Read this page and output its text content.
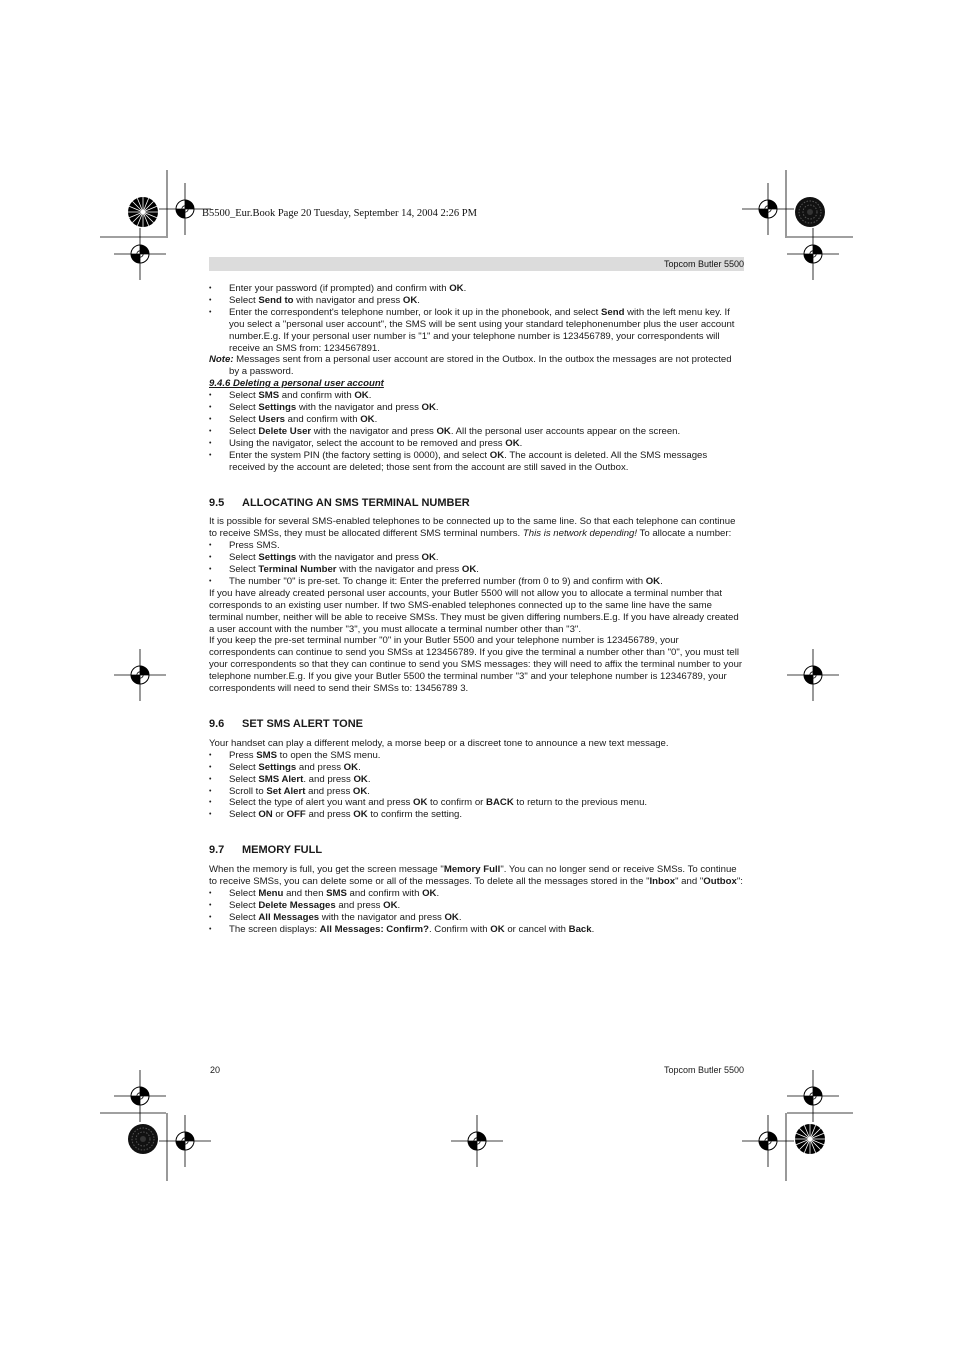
B5500_Eur.Book Page 20 Tuesday, September 14, 2004 2:26 PM
Topcom Butler 5500
• Enter your password (if prompted) and confirm with OK.
• Select Send to with navigator and press OK.
• Enter the correspondent's telephone number, or look it up in the phonebook, and select Send with the left menu key. If you select a "personal user account", the SMS will be sent using your standard telephonenumber plus the user account number.E.g. If your personal user number is "1" and your telephone number is 123456789, your correspondents will receive an SMS from: 1234567891.

Note: Messages sent from a personal user account are stored in the Outbox. In the outbox the messages are not protected by a password.

9.4.6 Deleting a personal user account

• Select SMS and confirm with OK.
• Select Settings with the navigator and press OK.
• Select Users and confirm with OK.
• Select Delete User with the navigator and press OK. All the personal user accounts appear on the screen.
• Using the navigator, select the account to be removed and press OK.
• Enter the system PIN (the factory setting is 0000), and select OK. The account is deleted. All the SMS messages received by the account are deleted; those sent from the account are still saved in the Outbox.
9.5 ALLOCATING AN SMS TERMINAL NUMBER

It is possible for several SMS-enabled telephones to be connected up to the same line. So that each telephone can continue to receive SMSs, they must be allocated different SMS terminal numbers. This is network depending! To allocate a number:

• Press SMS.
• Select Settings with the navigator and press OK.
• Select Terminal Number with the navigator and press OK.
• The number "0" is pre-set. To change it: Enter the preferred number (from 0 to 9) and confirm with OK.

If you have already created personal user accounts, your Butler 5500 will not allow you to allocate a terminal number that corresponds to an existing user number. If two SMS-enabled telephones connected up to the same line have the same terminal number, neither will be able to receive SMSs. They must be given differing numbers.E.g. If you have already created a user account with the number "3", you must allocate a terminal number other than "3".

If you keep the pre-set terminal number "0" in your Butler 5500 and your telephone number is 123456789, your correspondents can continue to send you SMSs at 123456789. If you give the terminal a number other than "0", you must tell your correspondents so that they can continue to send you SMS messages: they will need to affix the terminal number to your telephone number.E.g. If you give your Butler 5500 the terminal number "3" and your telephone number is 12346789, your correspondents will need to send their SMSs to: 13456789 3.

9.6 SET SMS ALERT TONE

Your handset can play a different melody, a morse beep or a discreet tone to announce a new text message.

• Press SMS to open the SMS menu.
• Select Settings and press OK.
• Select SMS Alert. and press OK.
• Scroll to Set Alert and press OK.
• Select the type of alert you want and press OK to confirm or BACK to return to the previous menu.
• Select ON or OFF and press OK to confirm the setting.
9.7 MEMORY FULL

When the memory is full, you get the screen message "Memory Full". You can no longer send or receive SMSs. To continue to receive SMSs, you can delete some or all of the messages. To delete all the messages stored in the "Inbox" and "Outbox":

• Select Menu and then SMS and confirm with OK.
• Select Delete Messages and press OK.
• Select All Messages with the navigator and press OK.
• The screen displays: All Messages: Confirm?. Confirm with OK or cancel with Back.
20	Topcom Butler 5500
